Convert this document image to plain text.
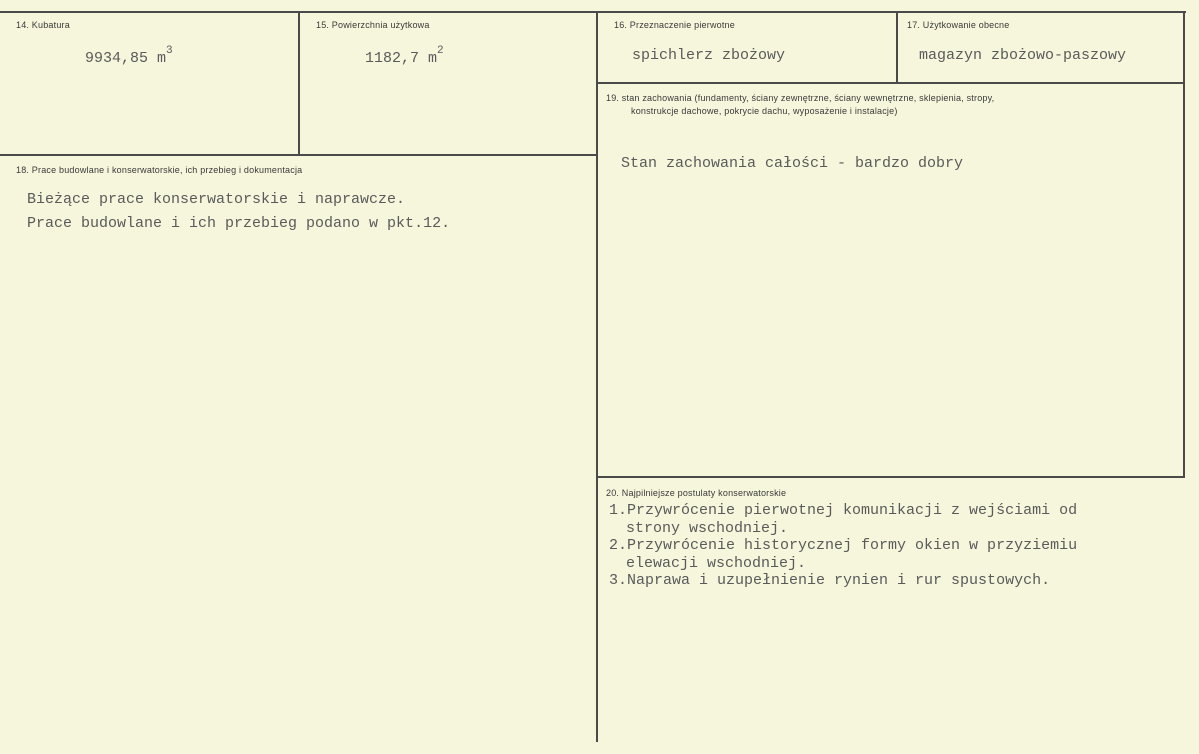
14. Kubatura
9934,85 $m^3$
15. Powierzchnia użytkowa
1182,7 $m^2$
16. Przeznaczenie pierwotne
spichlerz zbożowy
17. Użytkowanie obecne
magazyn zbożowo-paszowy
18. Prace budowlane i konserwatorskie, ich przebieg i dokumentacja
Bieżące prace konserwatorskie i naprawcze.
Prace budowlane i ich przebieg podano w pkt.12.
19. stan zachowania (fundamenty, ściany zewnętrzne, ściany wewnętrzne, sklepienia, stropy,
konstrukcje dachowe, pokrycie dachu, wyposażenie i instalacje)
Stan zachowania całości - bardzo dobry
20. Najpilniejsze postulaty konserwatorskie
1.Przywrócenie pierwotnej komunikacji z wejściami od
strony wschodniej.
2.Przywrócenie historycznej formy okien w przyziemiu
elewacji wschodniej.
3.Naprawa i uzupełnienie rynien i rur spustowych.
